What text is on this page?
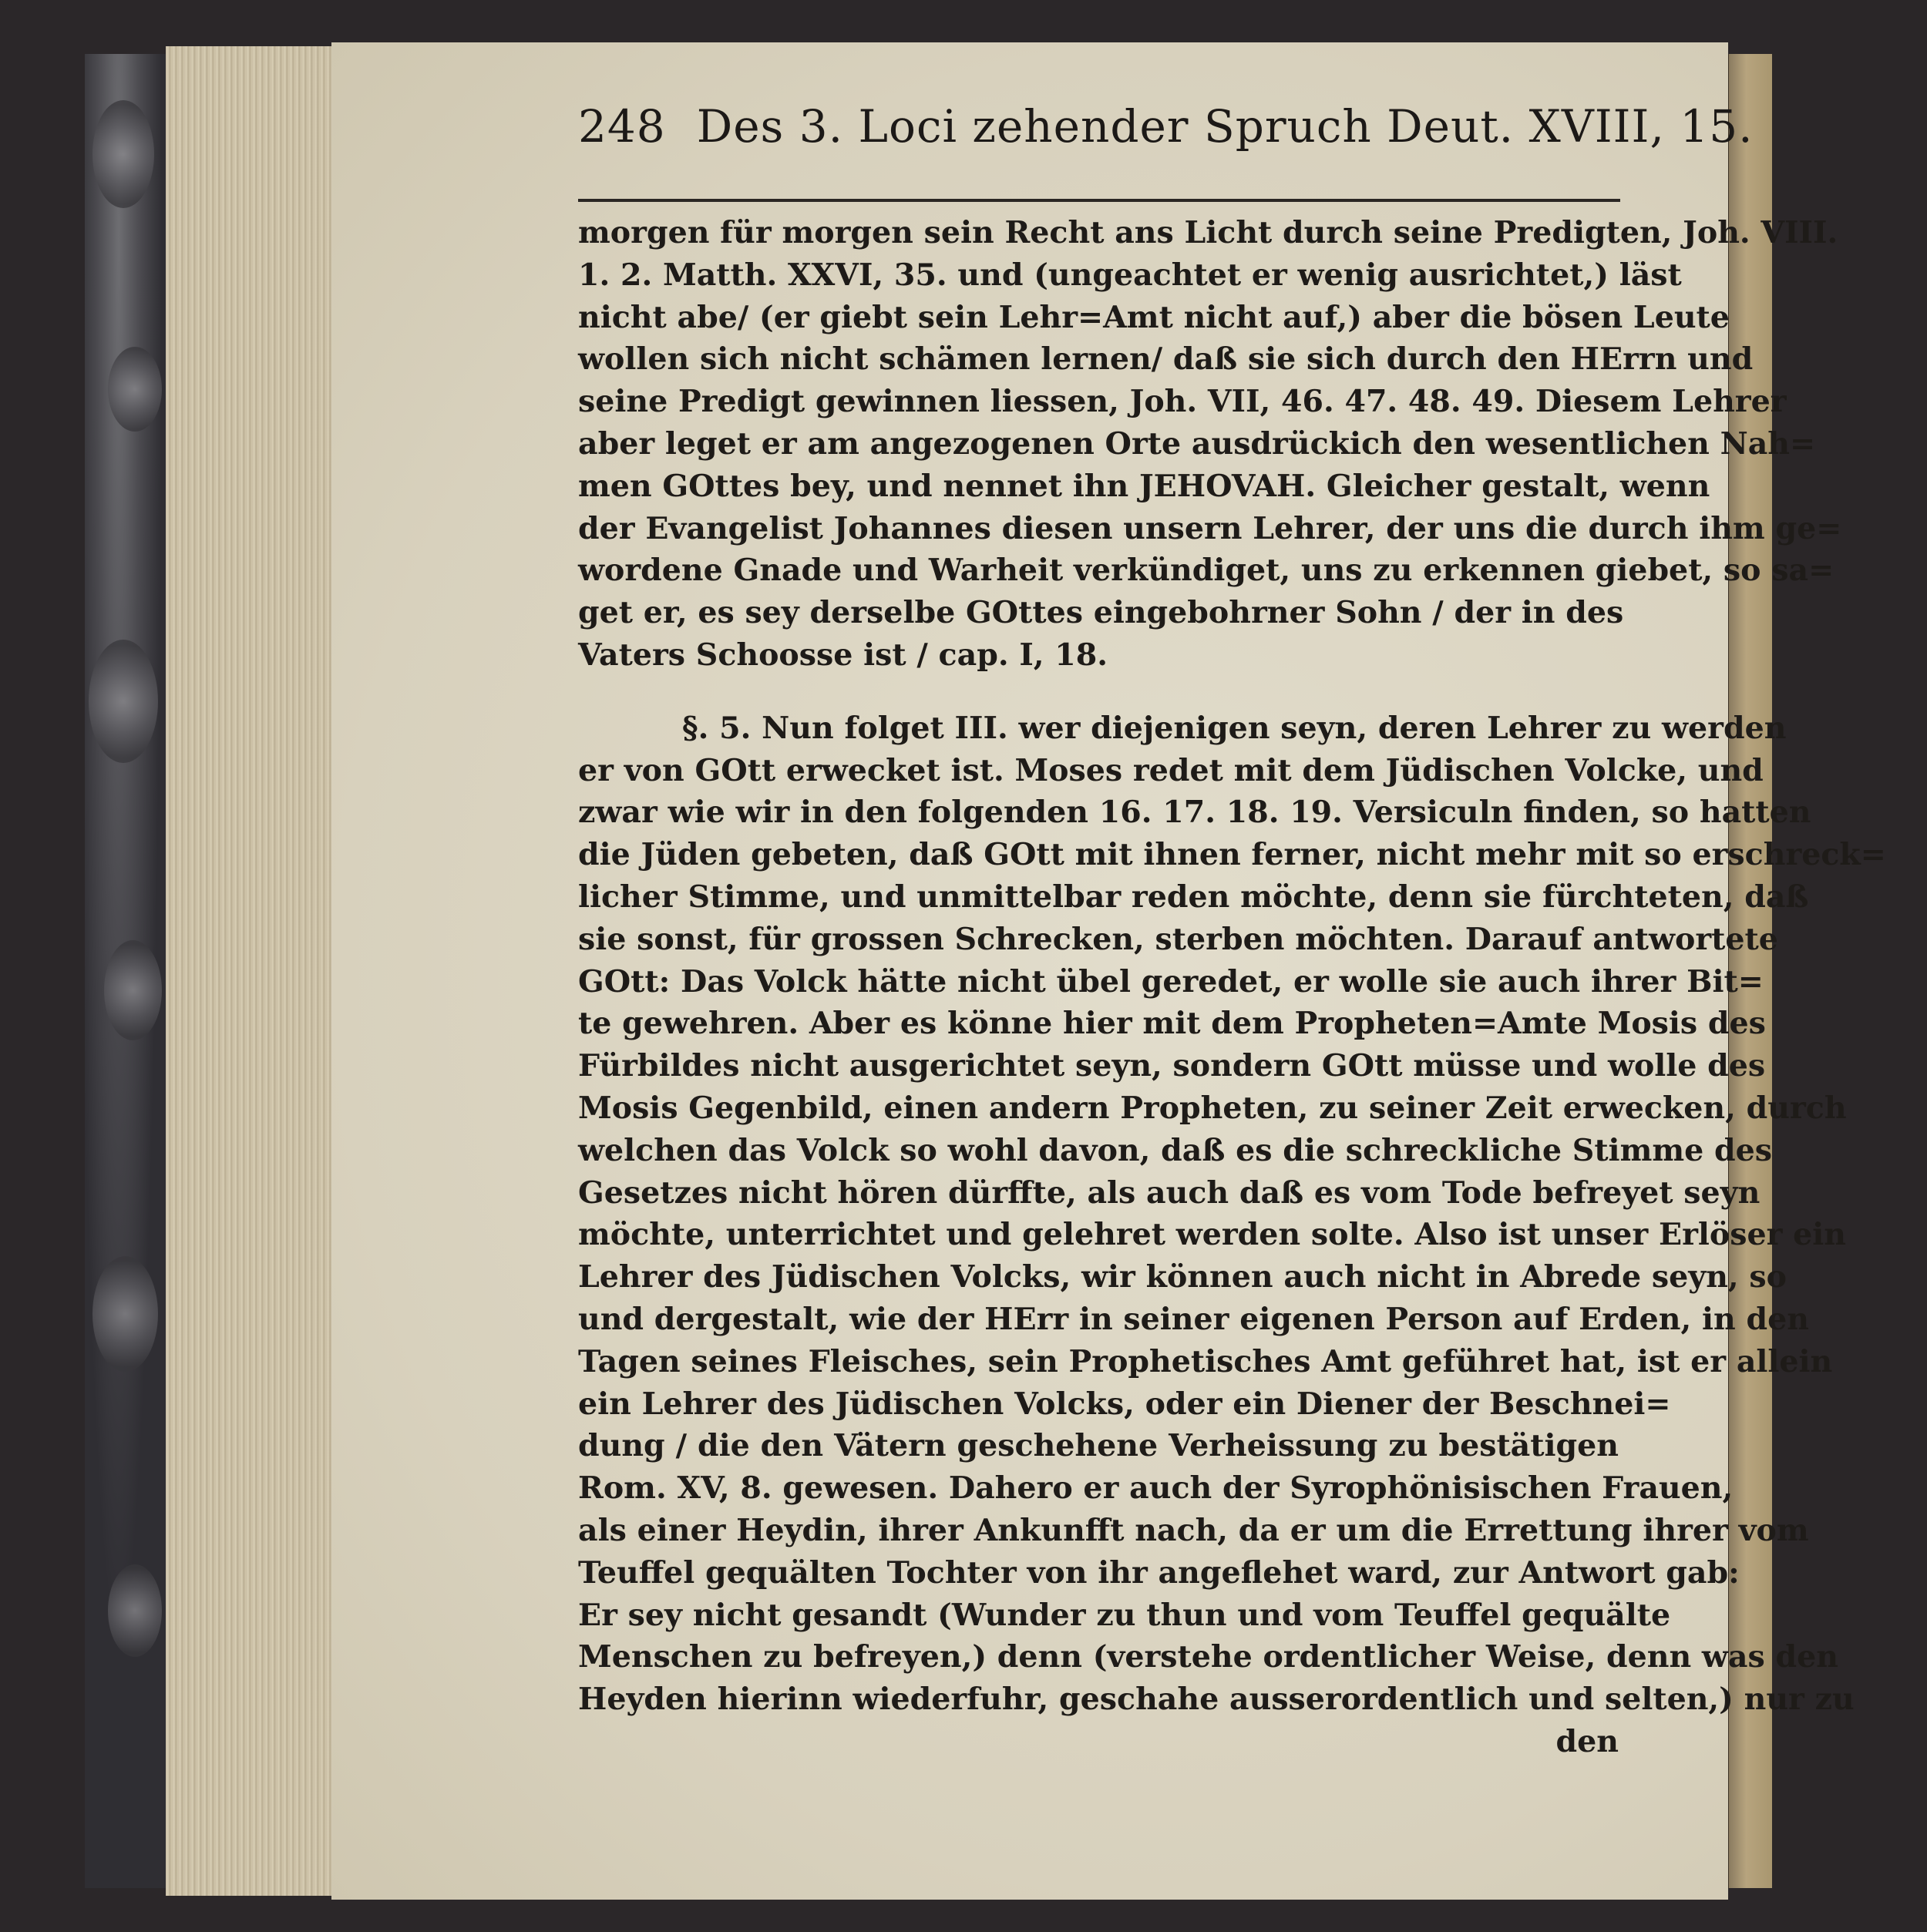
248 Des 3. Loci zehender Spruch Deut. XVIII, 15.
morgen für morgen sein Recht ans Licht durch seine Predigten, Joh. VIII.
1. 2. Matth. XXVI, 35. und (ungeachtet er wenig ausrichtet,) läst
nicht abe/ (er giebt sein Lehr=Amt nicht auf,) aber die bösen Leute
wollen sich nicht schämen lernen/ daß sie sich durch den HErrn und
seine Predigt gewinnen liessen, Joh. VII, 46. 47. 48. 49. Diesem Lehrer
aber leget er am angezogenen Orte ausdrückich den wesentlichen Nah=
men GOttes bey, und nennet ihn JEHOVAH. Gleicher gestalt, wenn
der Evangelist Johannes diesen unsern Lehrer, der uns die durch ihm ge=
wordene Gnade und Warheit verkündiget, uns zu erkennen giebet, so sa=
get er, es sey derselbe GOttes eingebohrner Sohn / der in des
Vaters Schoosse ist / cap. I, 18.
§. 5. Nun folget III. wer diejenigen seyn, deren Lehrer zu werden
er von GOtt erwecket ist. Moses redet mit dem Jüdischen Volcke, und
zwar wie wir in den folgenden 16. 17. 18. 19. Versiculn finden, so hatten
die Jüden gebeten, daß GOtt mit ihnen ferner, nicht mehr mit so erschreck=
licher Stimme, und unmittelbar reden möchte, denn sie fürchteten, daß
sie sonst, für grossen Schrecken, sterben möchten. Darauf antwortete
GOtt: Das Volck hätte nicht übel geredet, er wolle sie auch ihrer Bit=
te gewehren. Aber es könne hier mit dem Propheten=Amte Mosis des
Fürbildes nicht ausgerichtet seyn, sondern GOtt müsse und wolle des
Mosis Gegenbild, einen andern Propheten, zu seiner Zeit erwecken, durch
welchen das Volck so wohl davon, daß es die schreckliche Stimme des
Gesetzes nicht hören dürffte, als auch daß es vom Tode befreyet seyn
möchte, unterrichtet und gelehret werden solte. Also ist unser Erlöser ein
Lehrer des Jüdischen Volcks, wir können auch nicht in Abrede seyn, so
und dergestalt, wie der HErr in seiner eigenen Person auf Erden, in den
Tagen seines Fleisches, sein Prophetisches Amt geführet hat, ist er allein
ein Lehrer des Jüdischen Volcks, oder ein Diener der Beschnei=
dung / die den Vätern geschehene Verheissung zu bestätigen
Rom. XV, 8. gewesen. Dahero er auch der Syrophönisischen Frauen,
als einer Heydin, ihrer Ankunfft nach, da er um die Errettung ihrer vom
Teuffel gequälten Tochter von ihr angeflehet ward, zur Antwort gab:
Er sey nicht gesandt (Wunder zu thun und vom Teuffel gequälte
Menschen zu befreyen,) denn (verstehe ordentlicher Weise, denn was den
Heyden hierinn wiederfuhr, geschahe ausserordentlich und selten,) nur zu
den
